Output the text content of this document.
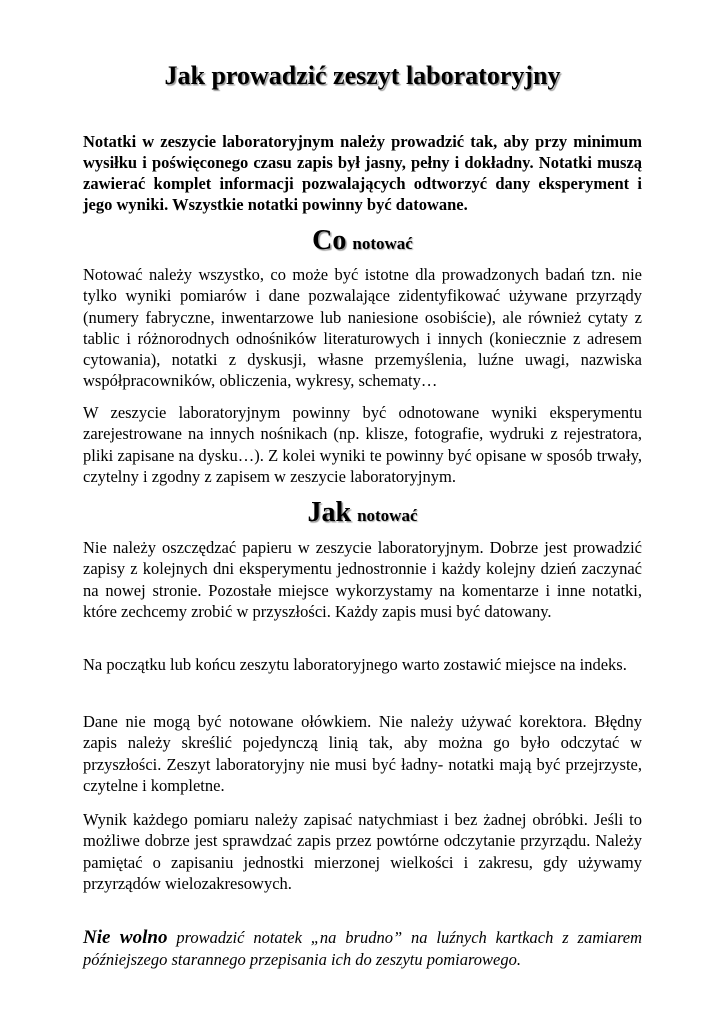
Jak prowadzić zeszyt laboratoryjny

Notatki w zeszycie laboratoryjnym należy prowadzić tak, aby przy minimum wysiłku i poświęconego czasu zapis był jasny, pełny i dokładny. Notatki muszą zawierać komplet informacji pozwalających odtworzyć dany eksperyment i jego wyniki. Wszystkie notatki powinny być datowane.

Co notować

Notować należy wszystko, co może być istotne dla prowadzonych badań tzn. nie tylko wyniki pomiarów i dane pozwalające zidentyfikować używane przyrządy (numery fabryczne, inwentarzowe lub naniesione osobiście), ale również cytaty z tablic i różnorodnych odnośników literaturowych i innych (koniecznie z adresem cytowania), notatki z dyskusji, własne przemyślenia, luźne uwagi, nazwiska współpracowników, obliczenia, wykresy, schematy…

W zeszycie laboratoryjnym powinny być odnotowane wyniki eksperymentu zarejestrowane na innych nośnikach (np. klisze, fotografie, wydruki z rejestratora, pliki zapisane na dysku…). Z kolei wyniki te powinny być opisane w sposób trwały, czytelny i zgodny z zapisem w zeszycie laboratoryjnym.

Jak notować

Nie należy oszczędzać papieru w zeszycie laboratoryjnym. Dobrze jest prowadzić zapisy z kolejnych dni eksperymentu jednostronnie i każdy kolejny dzień zaczynać na nowej stronie. Pozostałe miejsce wykorzystamy na komentarze i inne notatki, które zechcemy zrobić w przyszłości. Każdy zapis musi być datowany.

Na początku lub końcu zeszytu laboratoryjnego warto zostawić miejsce na indeks.

Dane nie mogą być notowane ołówkiem. Nie należy używać korektora. Błędny zapis należy skreślić pojedynczą linią tak, aby można go było odczytać w przyszłości. Zeszyt laboratoryjny nie musi być ładny- notatki mają być przejrzyste, czytelne i kompletne.

Wynik każdego pomiaru należy zapisać natychmiast i bez żadnej obróbki. Jeśli to możliwe dobrze jest sprawdzać zapis przez powtórne odczytanie przyrządu. Należy pamiętać o zapisaniu jednostki mierzonej wielkości i zakresu, gdy używamy przyrządów wielozakresowych.

Nie wolno prowadzić notatek „na brudno” na luźnych kartkach z zamiarem późniejszego starannego przepisania ich do zeszytu pomiarowego.
